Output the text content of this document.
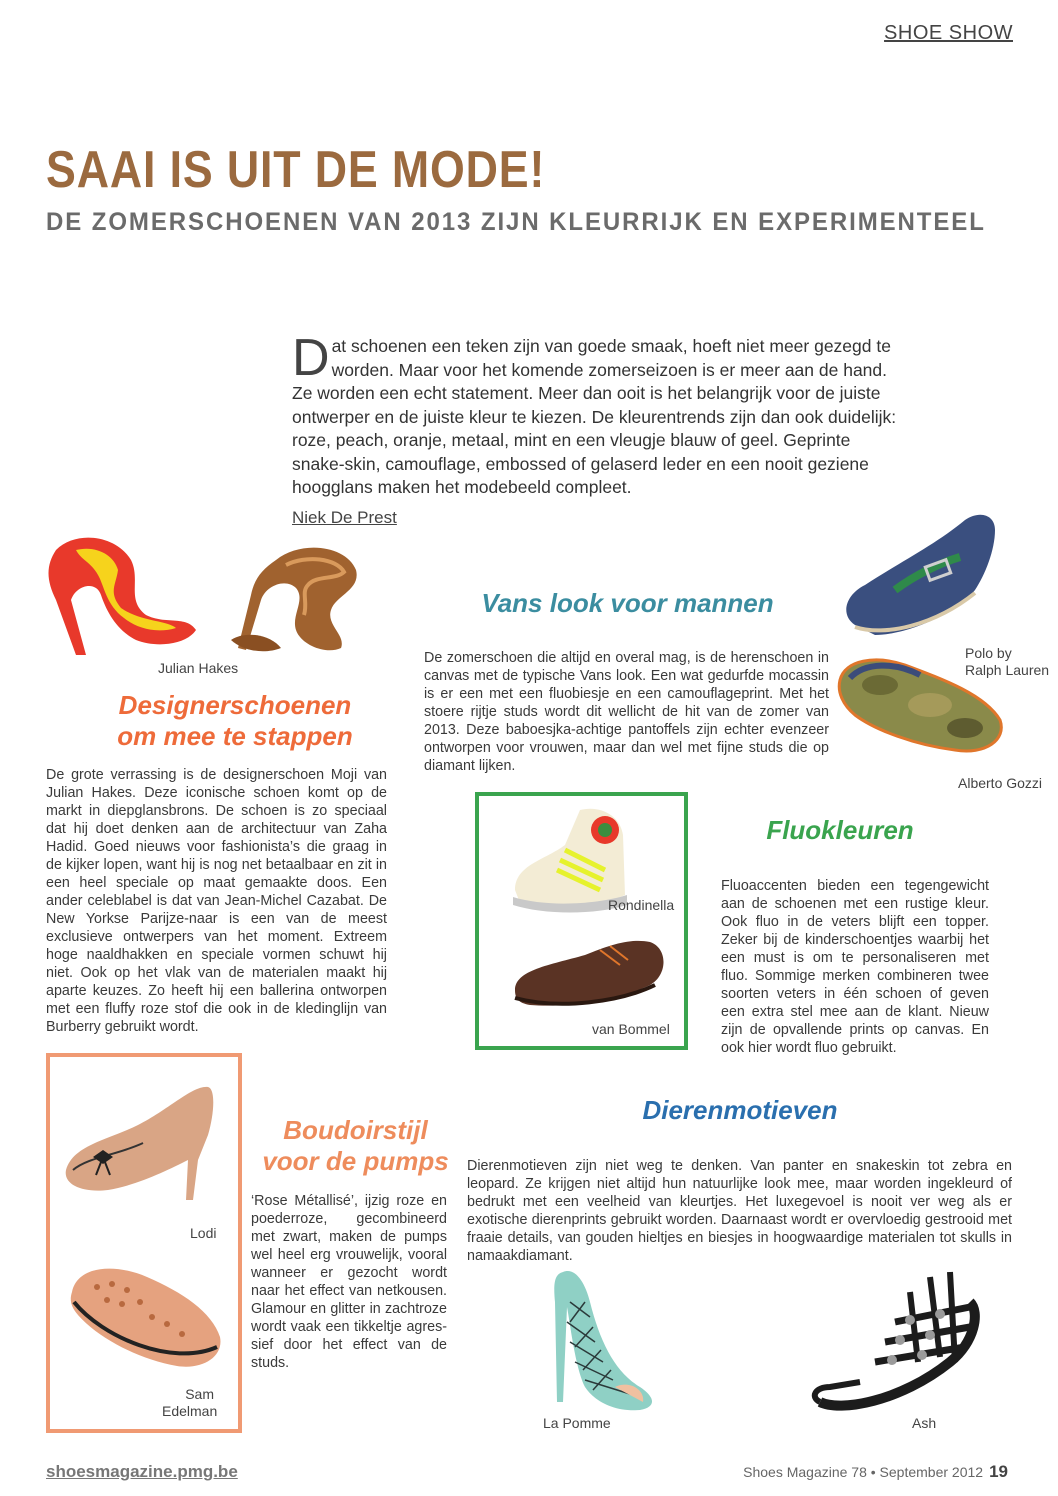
SHOE SHOW
SAAI IS UIT DE MODE!
DE ZOMERSCHOENEN VAN 2013 ZIJN KLEURRIJK EN EXPERIMENTEEL
Dat schoenen een teken zijn van goede smaak, hoeft niet meer gezegd te worden. Maar voor het komende zomerseizoen is er meer aan de hand. Ze worden een echt statement. Meer dan ooit is het belangrijk voor de juiste ontwerper en de juiste kleur te kiezen. De kleurentrends zijn dan ook duidelijk: roze, peach, oranje, metaal, mint en een vleugje blauw of geel. Geprinte snake-skin, camouflage, embossed of gelaserd leder en een nooit geziene hoogglans maken het modebeeld compleet.
Niek De Prest
Julian Hakes
Designerschoenen
om mee te stappen
De grote verrassing is de designerschoen Moji van Julian Hakes. Deze iconische schoen komt op de markt in diepglansbrons. De schoen is zo speciaal dat hij doet denken aan de architectuur van Zaha Hadid. Goed nieuws voor fashionista’s die graag in de kijker lopen, want hij is nog net betaalbaar en zit in een heel speciale op maat gemaakte doos. Een ander celeblabel is dat van Jean-Michel Cazabat. De New Yorkse Parijze-naar is een van de meest exclusieve ontwerpers van het moment. Extreem hoge naaldhakken en speciale vormen schuwt hij niet. Ook op het vlak van de materialen maakt hij aparte keuzes. Zo heeft hij een ballerina ontworpen met een fluffy roze stof die ook in de kledinglijn van Burberry gebruikt wordt.
Vans look voor mannen
De zomerschoen die altijd en overal mag, is de herenschoen in canvas met de typische Vans look. Een wat gedurfde mocassin is er een met een fluobiesje en een camouflageprint. Met het stoere rijtje studs wordt dit wellicht de hit van de zomer van 2013. Deze baboesjka-achtige pantoffels zijn echter evenzeer ontworpen voor vrouwen, maar dan wel met fijne studs die op diamant lijken.
Polo by
Ralph Lauren
Alberto Gozzi
Rondinella
van Bommel
Fluokleuren
Fluoaccenten bieden een tegengewicht aan de schoenen met een rustige kleur. Ook fluo in de veters blijft een topper. Zeker bij de kinderschoentjes waarbij het een must is om te personaliseren met fluo. Sommige merken combineren twee soorten veters in één schoen of geven een extra stel mee aan de klant. Nieuw zijn de opvallende prints op canvas. En ook hier wordt fluo gebruikt.
Lodi
Sam
Edelman
Boudoirstijl
voor de pumps
‘Rose Métallisé’, ijzig roze en poederroze, gecombineerd met zwart, maken de pumps wel heel erg vrouwelijk, vooral wanneer er gezocht wordt naar het effect van netkousen. Glamour en glitter in zachtroze wordt vaak een tikkeltje agres-sief door het effect van de studs.
Dierenmotieven
Dierenmotieven zijn niet weg te denken. Van panter en snakeskin tot zebra en leopard. Ze krijgen niet altijd hun natuurlijke look mee, maar worden ingekleurd of bedrukt met een veelheid van kleurtjes. Het luxegevoel is nooit ver weg als er exotische dierenprints gebruikt worden. Daarnaast wordt er overvloedig gestrooid met fraaie details, van gouden hieltjes en biesjes in hoogwaardige materialen tot skulls in namaakdiamant.
La Pomme	Ash
shoesmagazine.pmg.be	Shoes Magazine 78 • September 2012 19
